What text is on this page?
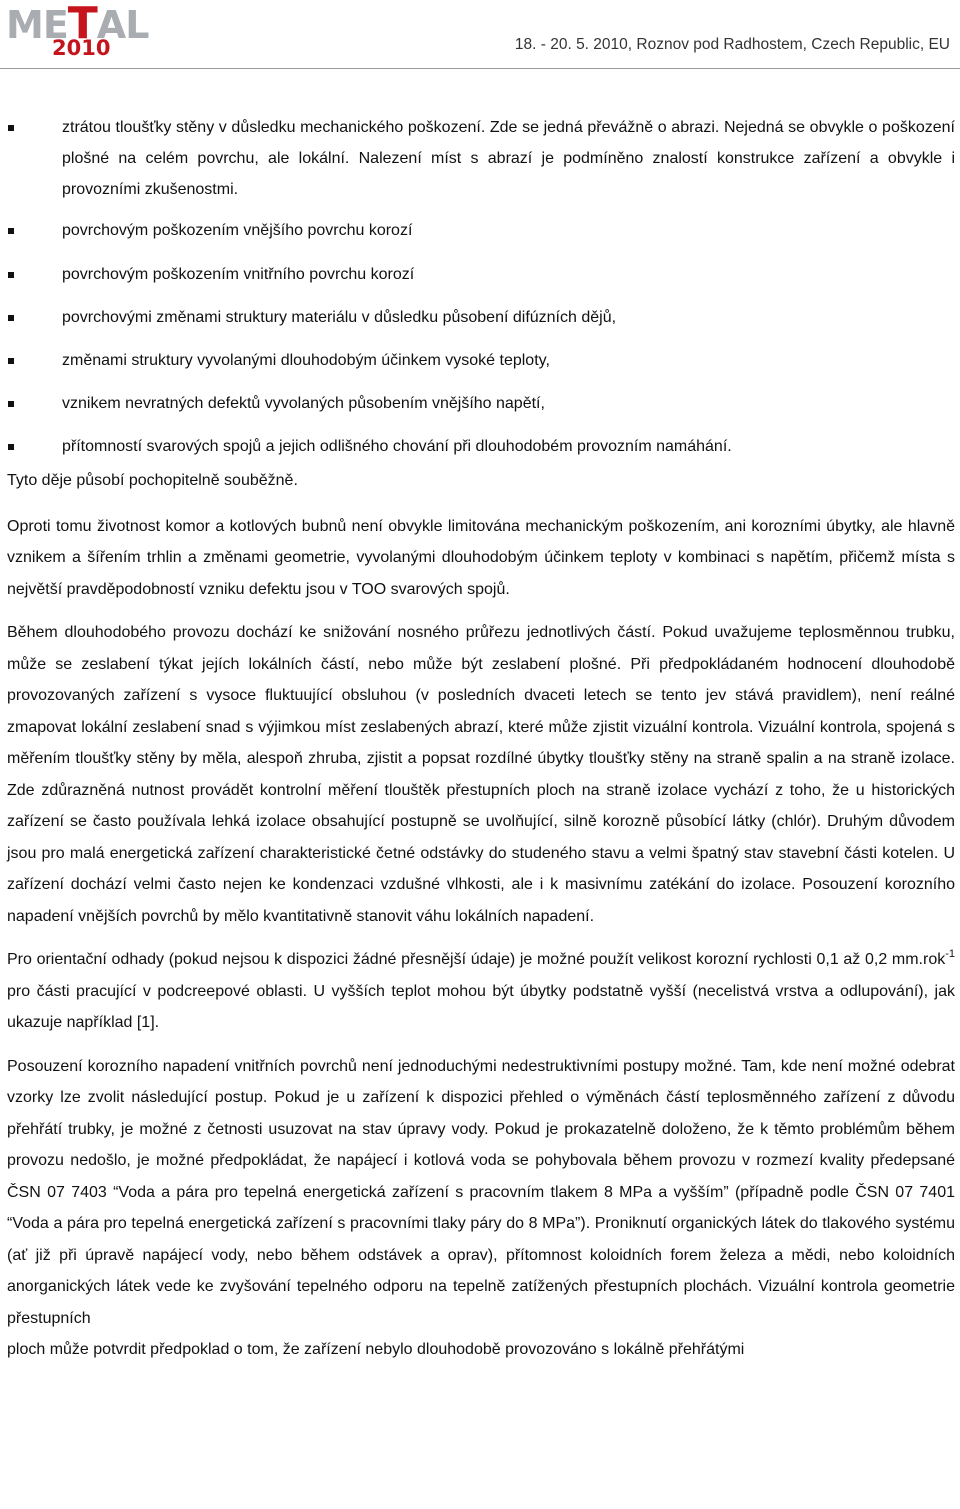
METAL
2010	18. - 20. 5. 2010, Roznov pod Radhostem, Czech Republic, EU
ztrátou tloušťky stěny v důsledku mechanického poškození. Zde se jedná převážně o abrazi. Nejedná se obvykle o poškození plošné na celém povrchu, ale lokální. Nalezení míst s abrazí je podmíněno znalostí konstrukce zařízení a obvykle i provozními zkušenostmi.
povrchovým poškozením vnějšího povrchu korozí
povrchovým poškozením vnitřního povrchu korozí
povrchovými změnami struktury materiálu v důsledku působení difúzních dějů,
změnami struktury vyvolanými dlouhodobým účinkem vysoké teploty,
vznikem nevratných defektů vyvolaných působením vnějšího napětí,
přítomností svarových spojů a jejich odlišného chování při dlouhodobém provozním namáhání.

Tyto děje působí pochopitelně souběžně.

Oproti tomu životnost komor a kotlových bubnů není obvykle limitována mechanickým poškozením, ani korozními úbytky, ale hlavně vznikem a šířením trhlin a změnami geometrie, vyvolanými dlouhodobým účinkem teploty v kombinaci s napětím, přičemž místa s největší pravděpodobností vzniku defektu jsou v TOO svarových spojů.

Během dlouhodobého provozu dochází ke snižování nosného průřezu jednotlivých částí. Pokud uvažujeme teplosměnnou trubku, může se zeslabení týkat jejích lokálních částí, nebo může být zeslabení plošné. Při předpokládaném hodnocení dlouhodobě provozovaných zařízení s vysoce fluktuující obsluhou (v posledních dvaceti letech se tento jev stává pravidlem), není reálné zmapovat lokální zeslabení snad s výjimkou míst zeslabených abrazí, které může zjistit vizuální kontrola. Vizuální kontrola, spojená s měřením tloušťky stěny by měla, alespoň zhruba, zjistit a popsat rozdílné úbytky tloušťky stěny na straně spalin a na straně izolace. Zde zdůrazněná nutnost provádět kontrolní měření tlouštěk přestupních ploch na straně izolace vychází z toho, že u historických zařízení se často používala lehká izolace obsahující postupně se uvolňující, silně korozně působící látky (chlór). Druhým důvodem jsou pro malá energetická zařízení charakteristické četné odstávky do studeného stavu a velmi špatný stav stavební části kotelen. U zařízení dochází velmi často nejen ke kondenzaci vzdušné vlhkosti, ale i k masivnímu zatékání do izolace. Posouzení korozního napadení vnějších povrchů by mělo kvantitativně stanovit váhu lokálních napadení.

Pro orientační odhady (pokud nejsou k dispozici žádné přesnější údaje) je možné použít velikost korozní rychlosti 0,1 až 0,2 mm.rok$^{-1}$ pro části pracující v podcreepové oblasti. U vyšších teplot mohou být úbytky podstatně vyšší (necelistvá vrstva a odlupování), jak ukazuje například [1].

Posouzení korozního napadení vnitřních povrchů není jednoduchými nedestruktivními postupy možné. Tam, kde není možné odebrat vzorky lze zvolit následující postup. Pokud je u zařízení k dispozici přehled o výměnách částí teplosměnného zařízení z důvodu přehřátí trubky, je možné z četnosti usuzovat na stav úpravy vody. Pokud je prokazatelně doloženo, že k těmto problémům během provozu nedošlo, je možné předpokládat, že napájecí i kotlová voda se pohybovala během provozu v rozmezí kvality předepsané ČSN 07 7403 “Voda a pára pro tepelná energetická zařízení s pracovním tlakem 8 MPa a vyšším” (případně podle ČSN 07 7401 “Voda a pára pro tepelná energetická zařízení s pracovními tlaky páry do 8 MPa”). Proniknutí organických látek do tlakového systému (ať již při úpravě napájecí vody, nebo během odstávek a oprav), přítomnost koloidních forem železa a mědi, nebo koloidních anorganických látek vede ke zvyšování tepelného odporu na tepelně zatížených přestupních plochách. Vizuální kontrola geometrie přestupních

ploch může potvrdit předpoklad o tom, že zařízení nebylo dlouhodobě provozováno s lokálně přehřátými
